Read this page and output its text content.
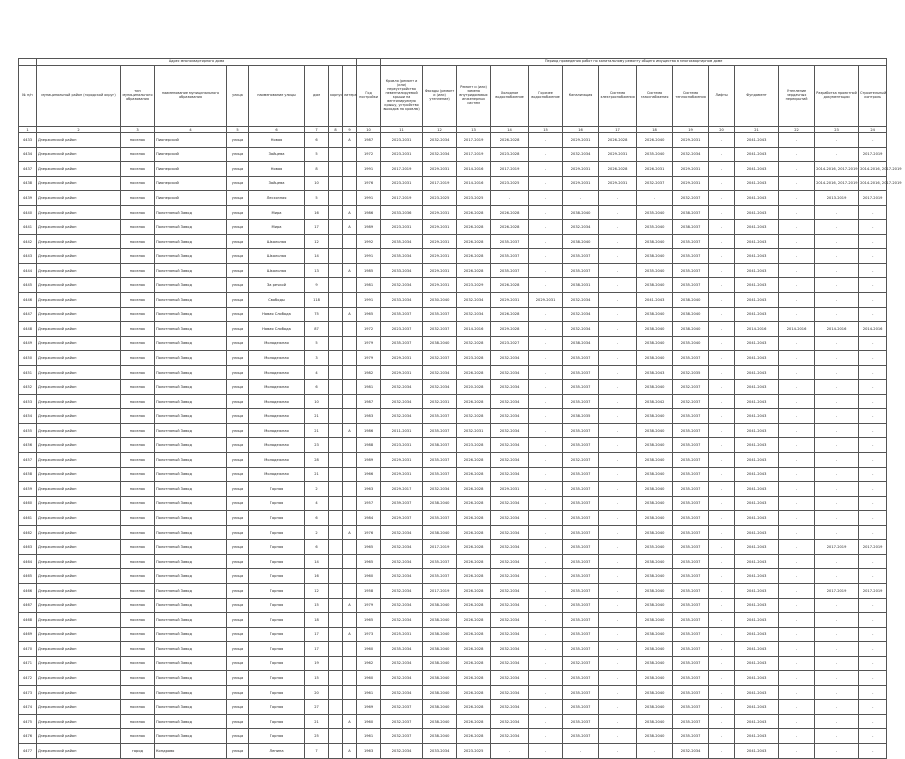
	Адрес многоквартирного дома									Период проведения работ по капитальному ремонту общего имущества в многоквартирном доме													
№ п/п	муниципальный район (городской округ)	тип муниципального образования	наименование муниципального образования	улица	наименование улицы	дом	корпус	литера	Год постройки	Кровля (ремонт и (или) переустройство невентилируемой крыши на вентилируемую крышу, устройство выходов на кровлю)	Фасады (ремонт и (или) утепление)	Ремонт и (или) замена внутридомовых инженерных систем	Холодное водоснабжение	Горячее водоснабжение	Канализация	Система электроснабжения	Система газоснабжения	Система теплоснабжения	Лифты	Фундамент	Утепление чердачных перекрытий	Разработка проектной документации	Строительный контроль
1	2	3	4	5	6	7	8	9	10	11	12	13	14	15	16	17	18	19	20	21	22	23	24
4433	Дзержинский район	поселок	Пионерский	улица	Новая	6		А	1987	2023-2031	2032-2034	2017-2019	2026-2028	-	2029-2031	2026-2028	2026-2040	2029-2031	-	2041-2043	-	-	-
4434	Дзержинский район	поселок	Пионерский	улица	Зайцева	5			1972	2023-2031	2032-2034	2017-2019	2023-2028	-	2032-2034	2029-2031	2035-2040	2032-2034	-	2041-2043	-	-	2017-2019
4437	Дзержинский район	поселок	Пионерский	улица	Новая	8			1991	2017-2019	2029-2031	2014-2016	2017-2019	-	2029-2031	2026-2028	2026-2031	2029-2031	-	2041-2043	-	2014-2016, 2017-2019	2014-2016, 2017-2019
4438	Дзержинский район	поселок	Пионерский	улица	Зайцева	10			1976	2023-2031	2017-2019	2014-2016	2023-2025	-	2029-2031	2029-2031	2032-2037	2029-2031	-	2041-2043	-	2014-2016, 2017-2019	2014-2016, 2017-2019
4439	Дзержинский район	поселок	Пионерский	улица	Лесхозная	5			1991	2017-2019	2023-2025	2023-2025	-	-	-	-	-	2032-2037	-	2041-2043	-	2013-2019	2017-2019
4440	Дзержинский район	поселок	Полотняный Завод	улица	Мира	16		А	1986	2033-2036	2029-2031	2026-2028	2026-2028	-	2038-2040	-	2035-2040	2038-2037	-	2041-2043	-	-	-
4441	Дзержинский район	поселок	Полотняный Завод	улица	Мира	17		А	1989	2023-2031	2029-2031	2026-2028	2026-2028	-	2032-2034	-	2035-2040	2038-2037	-	2041-2043	-	-	-
4442	Дзержинский район	поселок	Полотняный Завод	улица	Школьная	12			1992	2035-2034	2029-2031	2026-2028	2035-2037	-	2038-2040	-	2038-2040	2035-2037	-	2041-2043	-	-	-
4443	Дзержинский район	поселок	Полотняный Завод	улица	Школьная	14			1991	2035-2034	2029-2031	2026-2028	2035-2037	-	2035-2037	-	2038-2040	2035-2037	-	2041-2043	-	-	-
4444	Дзержинский район	поселок	Полотняный Завод	улица	Школьная	13		А	1985	2033-2034	2029-2031	2026-2028	2035-2037	-	2035-2037	-	2035-2040	2035-2037	-	2041-2043	-	-	-
4445	Дзержинский район	поселок	Полотняный Завод	улица	За речкой	9			1981	2032-2034	2029-2031	2023-2029	2026-2028	-	2038-2031	-	2038-2040	2035-2037	-	2041-2043	-	-	-
4446	Дзержинский район	поселок	Полотняный Завод	улица	Свободы	118			1991	2033-2034	2030-2040	2032-2034	2029-2031	2029-2031	2032-2034	-	2041-2043	2038-2040	-	2041-2043	-	-	-
4447	Дзержинский район	поселок	Полотняный Завод	улица	Новая Слобода	75		А	1965	2035-2037	2035-2037	2032-2034	2026-2028	-	2032-2034	-	2038-2040	2038-2040	-	2041-2043	-	-	-
4448	Дзержинский район	поселок	Полотняный Завод	улица	Новая Слобода	87			1972	2023-2037	2032-2037	2014-2016	2029-2028	-	2032-2034	-	2038-2040	2038-2040	-	2014-2016	2014-2016	2014-2016	2014-2016
4449	Дзержинский район	поселок	Полотняный Завод	улица	Молодежная	5			1979	2035-2037	2038-2040	2032-2028	2023-2027	-	2038-2034	-	2038-2040	2035-2040	-	2041-2043	-	-	-
4450	Дзержинский район	поселок	Полотняный Завод	улица	Молодежная	3			1979	2029-2031	2032-2037	2023-2028	2032-2034	-	2035-2037	-	2038-2040	2035-2037	-	2041-2043	-	-	-
4451	Дзержинский район	поселок	Полотняный Завод	улица	Молодежная	4			1982	2029-2031	2032-2034	2026-2028	2032-2034	-	2035-2037	-	2038-2043	2032-2035	-	2041-2043	-	-	-
4452	Дзержинский район	поселок	Полотняный Завод	улица	Молодежная	6			1981	2032-2034	2032-2034	2020-2028	2032-2034	-	2035-2037	-	2038-2040	2032-2037	-	2041-2043	-	-	-
4453	Дзержинский район	поселок	Полотняный Завод	улица	Молодежная	10			1987	2032-2034	2032-2031	2026-2028	2032-2034	-	2035-2037	-	2038-2042	2032-2037	-	2041-2043	-	-	-
4454	Дзержинский район	поселок	Полотняный Завод	улица	Молодежная	21			1983	2032-2034	2035-2037	2032-2028	2032-2034	-	2038-2035	-	2038-2040	2035-2037	-	2041-2043	-	-	-
4455	Дзержинский район	поселок	Полотняный Завод	улица	Молодежная	21		А	1986	2011-2031	2035-2037	2032-2031	2032-2034	-	2035-2037	-	2038-2040	2035-2037	-	2041-2043	-	-	-
4456	Дзержинский район	поселок	Полотняный Завод	улица	Молодежная	23			1988	2023-2031	2038-2037	2023-2028	2032-2034	-	2035-2037	-	2038-2040	2035-2037	-	2041-2043	-	-	-
4457	Дзержинский район	поселок	Полотняный Завод	улица	Молодежная	28			1989	2029-2031	2035-2037	2026-2028	2032-2034	-	2032-2037	-	2038-2040	2035-2037	-	2041-2043	-	-	-
4458	Дзержинский район	поселок	Полотняный Завод	улица	Молодежная	21			1966	2029-2031	2035-2037	2026-2028	2032-2034	-	2035-2037	-	2038-2040	2035-2037	-	2041-2043	-	-	-
4459	Дзержинский район	поселок	Полотняный Завод	улица	Горная	2			1963	2029-2017	2032-2034	2026-2028	2029-2031	-	2035-2037	-	2038-2040	2035-2037	-	2041-2043	-	-	-
4460	Дзержинский район	поселок	Полотняный Завод	улица	Горная	4			1957	2039-2037	2038-2040	2026-2028	2032-2034	-	2035-2037	-	2038-2040	2035-2037	-	2041-2043	-	-	-
4461	Дзержинский район	поселок	Полотняный Завод	улица	Горная	6			1984	2029-2037	2035-2037	2026-2028	2032-2034	-	2035-2037	-	2038-2040	2035-2037	-	2041-2043	-	-	-
4462	Дзержинский район	поселок	Полотняный Завод	улица	Горная	2		А	1976	2032-2034	2038-2040	2026-2028	2032-2034	-	2035-2037	-	2038-2040	2035-2037	-	2041-2043	-	-	-
4463	Дзержинский район	поселок	Полотняный Завод	улица	Горная	6			1965	2032-2034	2017-2019	2026-2028	2032-2034	-	2035-2037	-	2035-2040	2035-2037	-	2041-2043	-	2017-2019	2017-2019
4464	Дзержинский район	поселок	Полотняный Завод	улица	Горная	14			1965	2032-2034	2035-2037	2026-2028	2032-2034	-	2035-2037	-	2038-2040	2035-2037	-	2041-2043	-	-	-
4465	Дзержинский район	поселок	Полотняный Завод	улица	Горная	16			1960	2032-2034	2035-2037	2026-2028	2032-2034	-	2035-2037	-	2038-2040	2035-2037	-	2041-2043	-	-	-
4466	Дзержинский район	поселок	Полотняный Завод	улица	Горная	12			1958	2032-2034	2017-2019	2026-2028	2032-2034	-	2035-2037	-	2038-2040	2035-2037	-	2041-2043	-	2017-2019	2017-2019
4467	Дзержинский район	поселок	Полотняный Завод	улица	Горная	15		А	1979	2032-2034	2038-2040	2026-2028	2032-2034	-	2035-2037	-	2038-2040	2035-2037	-	2041-2043	-	-	-
4468	Дзержинский район	поселок	Полотняный Завод	улица	Горная	18			1965	2032-2034	2038-2040	2026-2028	2032-2034	-	2035-2037	-	2038-2040	2035-2037	-	2041-2043	-	-	-
4469	Дзержинский район	поселок	Полотняный Завод	улица	Горная	17		А	1973	2025-2031	2038-2040	2026-2028	2032-2034	-	2035-2037	-	2038-2040	2035-2037	-	2041-2043	-	-	-
4470	Дзержинский район	поселок	Полотняный Завод	улица	Горная	17			1960	2035-2034	2038-2040	2026-2028	2032-2034	-	2035-2037	-	2038-2040	2035-2037	-	2041-2043	-	-	-
4471	Дзержинский район	поселок	Полотняный Завод	улица	Горная	19			1962	2032-2034	2038-2040	2026-2028	2032-2034	-	2032-2037	-	2038-2040	2035-2037	-	2041-2043	-	-	-
4472	Дзержинский район	поселок	Полотняный Завод	улица	Горная	15			1960	2032-2034	2038-2040	2026-2028	2032-2034	-	2035-2037	-	2038-2040	2035-2037	-	2041-2043	-	-	-
4473	Дзержинский район	поселок	Полотняный Завод	улица	Горная	20			1961	2032-2034	2038-2040	2026-2028	2032-2034	-	2035-2037	-	2038-2040	2035-2037	-	2041-2043	-	-	-
4474	Дзержинский район	поселок	Полотняный Завод	улица	Горная	27			1969	2032-2037	2038-2040	2026-2028	2032-2034	-	2035-2037	-	2038-2040	2035-2037	-	2041-2043	-	-	-
4475	Дзержинский район	поселок	Полотняный Завод	улица	Горная	21		А	1960	2032-2037	2038-2040	2026-2028	2032-2034	-	2035-2037	-	2038-2040	2035-2037	-	2041-2043	-	-	-
4476	Дзержинский район	поселок	Полотняный Завод	улица	Горная	25			1961	2032-2037	2038-2040	2026-2028	2032-2034	-	2035-2037	-	2038-2040	2035-2037	-	2041-2043	-	-	-
4477	Дзержинский район	город	Кондрово	улица	Ленина	7		А	1963	2032-2034	2033-2034	2023-2025	-	-	-	-	-	2032-2034	-	2041-2043	-	-	-
